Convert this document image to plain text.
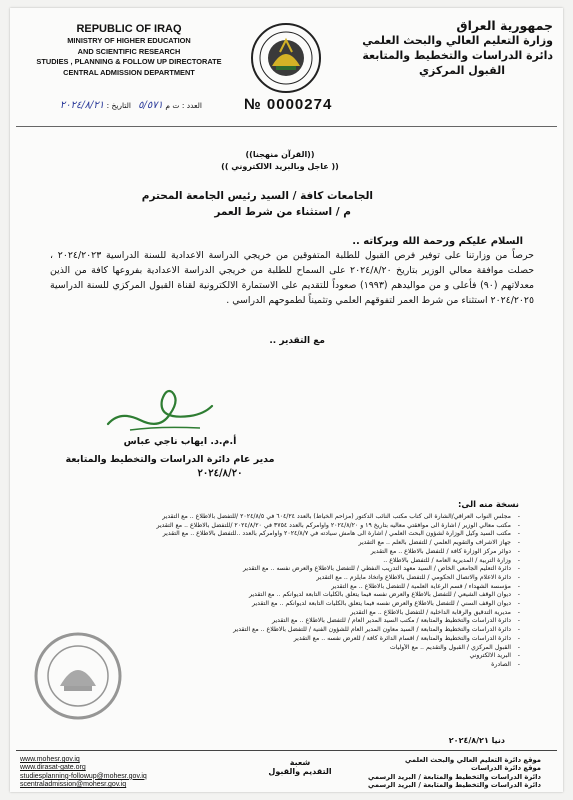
REPUBLIC OF IRAQ
MINISTRY OF HIGHER EDUCATION
AND SCIENTIFIC RESEARCH
STUDIES , PLANNING & FOLLOW UP DIRECTORATE
CENTRAL ADMISSION DEPARTMENT
جمهورية العراق
وزارة التعليم العالي والبحث العلمي
دائرة الدراسات والتخطيط والمتابعة
القبول المركزي
العدد : ت م ٥/٥٧١   التاريخ : ٢٠٢٤/٨/٢١	№ 0000274
((القرآن منهجنا))
(( عاجل وبالبريد الالكتروني ))
الجامعات كافة / السيد رئيس الجامعة المحترم
م / استثناء من شرط العمر
السلام عليكم ورحمة الله وبركاته ..
حرصاً من وزارتنا على توفير فرص القبول للطلبة المتفوقين من خريجي الدراسة الاعدادية للسنة الدراسية ٢٠٢٤/٢٠٢٣ ، حصلت موافقة معالي الوزير بتاريخ ٢٠٢٤/٨/٢٠ على السماح للطلبة من خريجي الدراسة الاعدادية بفروعها كافة من الذين معدلاتهم (٩٠) فأعلى و من مواليدهم (١٩٩٣) صعوداً للتقديم على الاستمارة الالكترونية لقناة القبول المركزي للسنة الدراسية ٢٠٢٤/٢٠٢٥ استثناء من شرط العمر لتفوقهم العلمي وتثميناً لطموحهم الدراسي .
مع التقدير ..
أ.م.د. ايهاب ناجي عباس
مدير عام دائرة الدراسات والتخطيط والمتابعة
٢٠٢٤/٨/٢٠
نسخة منه الى:
- مجلس النواب العراقي/الشارة الى كتاب مكتب النائب الدكتور (مزاحم الخياط) بالعدد ٦٠٤/٢٤ في ٢٠٢٤/٨/٥ /للتفضل بالاطلاع .. مع التقدير
- مكتب معالي الوزير / اشارة الى موافقتي معاليه بتاريخ ١٩ و ٢٠٢٤/٨/٢٠ واوامركم بالعدد ٣٧٥٤ في ٢٠٢٤/٨/٢٠ /للتفضل بالاطلاع .. مع التقدير
- مكتب السيد وكيل الوزارة لشؤون البحث العلمي / اشارة الى هامش سيادته في ٢٠٢٤/٨/٧ واوامركم بالعدد ..للتفضل بالاطلاع .. مع التقدير
- جهاز الاشراف والتقويم العلمي / للتفضل بالعلم .. مع التقدير
- دوائر مركز الوزارة كافة / للتفضل بالاطلاع .. مع التقدير
- وزارة التربية / المديرية العامة / للتفضل بالاطلاع ..
- دائرة التعليم الجامعي الخاص / السيد معهد التدريب النفطي / للتفضل بالاطلاع والعرض نفسه .. مع التقدير
- دائرة الاعلام والاتصال الحكومي / للتفضل بالاطلاع واتخاذ مايلزم .. مع التقدير
- مؤسسة الشهداء / قسم الرعاية العلمية / للتفضل بالاطلاع .. مع التقدير
- ديوان الوقف الشيعي / للتفضل بالاطلاع والعرض نفسه فيما يتعلق بالكليات التابعة لديوانكم .. مع التقدير
- ديوان الوقف السني / للتفضل بالاطلاع والعرض نفسه فيما يتعلق بالكليات التابعة لديوانكم .. مع التقدير
- مديرية التدقيق والرقابة الداخلية / للتفضل بالاطلاع .. مع التقدير
- دائرة الدراسات والتخطيط والمتابعة / مكتب السيد المدير العام / للتفضل بالاطلاع .. مع التقدير
- دائرة الدراسات والتخطيط والمتابعة / السيد معاون المدير العام للشؤون الفنية / للتفضل بالاطلاع .. مع التقدير
- دائرة الدراسات والتخطيط والمتابعة / اقسام الدائرة كافة / للعرض نفسه .. مع التقدير
- القبول المركزي / القبول والتقديم .. مع الأوليات
- البريد الالكتروني
- الصادرة
دنيا ٢٠٢٤/٨/٢١
www.mohesr.gov.iq
www.dirasat-gate.org
studiesplanning-followup@mohesr.gov.iq
scentraladmission@mohesr.gov.iq
شعبة
التقديم والقبول
موقع دائرة التعليم العالي والبحث العلمي
موقع دائرة الدراسات
دائرة الدراسات والتخطيط والمتابعة / البريد الرسمي
دائرة الدراسات والتخطيط والمتابعة / البريد الرسمي
